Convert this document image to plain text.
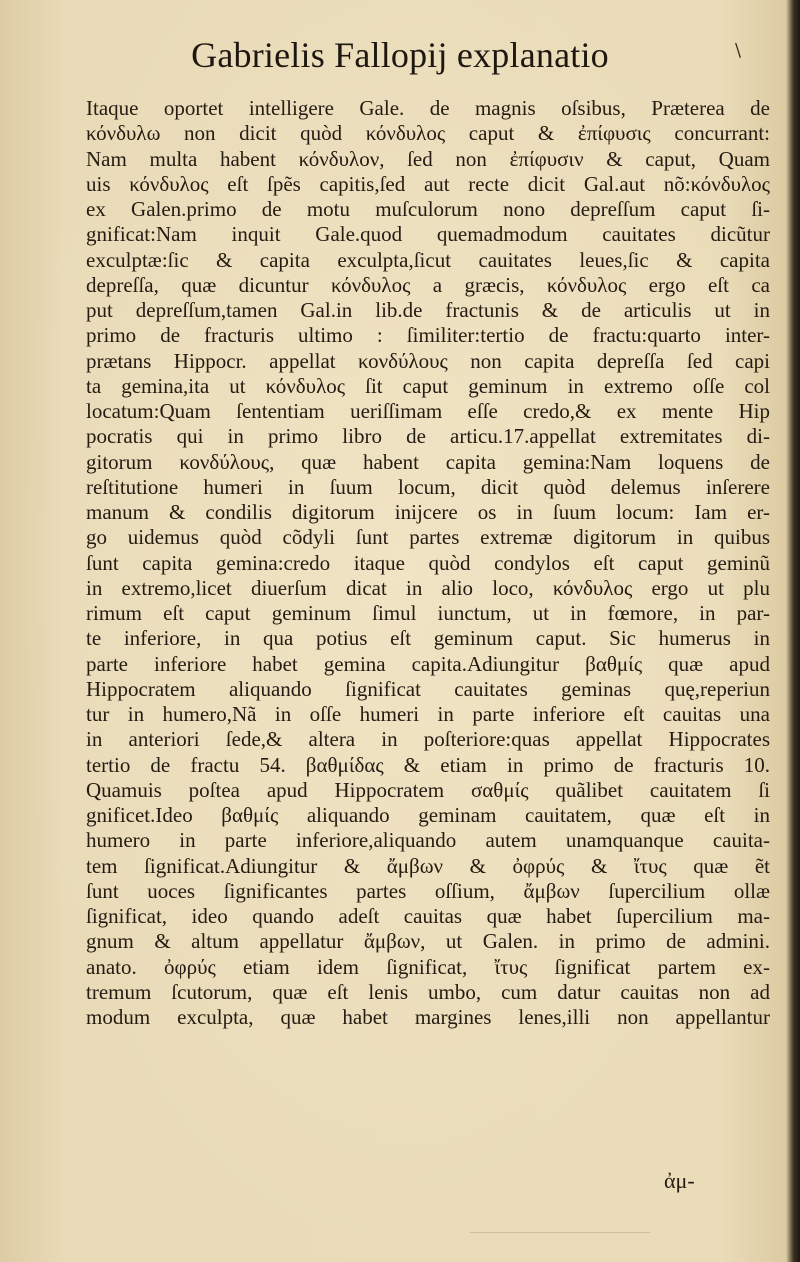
Gabrielis Fallopij explanatio	\
Itaque oportet intelligere Gale. de magnis oſsibus, Præterea de
κόνδυλω non dicit quòd κόνδυλος caput & ἐπίφυσις concurrant:
Nam multa habent κόνδυλον, ſed non ἐπίφυσιν & caput, Quam
uis κόνδυλος eſt ſpẽs capitis,ſed aut recte dicit Gal.aut nõ:κόνδυλος
ex Galen.primo de motu muſculorum nono depreſſum caput ſi-
gnificat:Nam inquit Gale.quod quemadmodum cauitates dicũtur
exculptæ:ſic & capita exculpta,ſicut cauitates leues,ſic & capita
depreſſa, quæ dicuntur κόνδυλος a græcis, κόνδυλος ergo eſt ca
put depreſſum,tamen Gal.in lib.de fractunis & de articulis ut in
primo de fracturis ultimo : ſimiliter:tertio de fractu:quarto inter-
prætans Hippocr. appellat κονδύλους non capita depreſſa ſed capi
ta gemina,ita ut κόνδυλος ſit caput geminum in extremo oſſe col
locatum:Quam ſententiam ueriſſimam eſſe credo,& ex mente Hip
pocratis qui in primo libro de articu.17.appellat extremitates di-
gitorum κονδύλους, quæ habent capita gemina:Nam loquens de
reſtitutione humeri in ſuum locum, dicit quòd delemus inſerere
manum & condilis digitorum inijcere os in ſuum locum: Iam er-
go uidemus quòd cõdyli ſunt partes extremæ digitorum in quibus
ſunt capita gemina:credo itaque quòd condylos eſt caput geminũ
in extremo,licet diuerſum dicat in alio loco, κόνδυλος ergo ut plu
rimum eſt caput geminum ſimul iunctum, ut in fœmore, in par-
te inferiore, in qua potius eſt geminum caput. Sic humerus in
parte inferiore habet gemina capita.Adiungitur βαθμίς quæ apud
Hippocratem aliquando ſignificat cauitates geminas quę,reperiun
tur in humero,Nã in oſſe humeri in parte inferiore eſt cauitas una
in anteriori ſede,& altera in poſteriore:quas appellat Hippocrates
tertio de fractu 54. βαθμίδας & etiam in primo de fracturis 10.
Quamuis poſtea apud Hippocratem σαθμίς quãlibet cauitatem ſi
gnificet.Ideo βαθμίς aliquando geminam cauitatem, quæ eſt in
humero in parte inferiore,aliquando autem unamquanque cauita-
tem ſignificat.Adiungitur & ἄμβων & ὀφρύς & ἴτυς quæ ẽt
ſunt uoces ſignificantes partes oſſium, ἄμβων ſupercilium ollæ
ſignificat, ideo quando adeſt cauitas quæ habet ſupercilium ma-
gnum & altum appellatur ἄμβων, ut Galen. in primo de admini.
anato. ὀφρύς etiam idem ſignificat, ἴτυς ſignificat partem ex-
tremum ſcutorum, quæ eſt lenis umbo, cum datur cauitas non ad
modum exculpta, quæ habet margines lenes,illi non appellantur
ἀμ-
